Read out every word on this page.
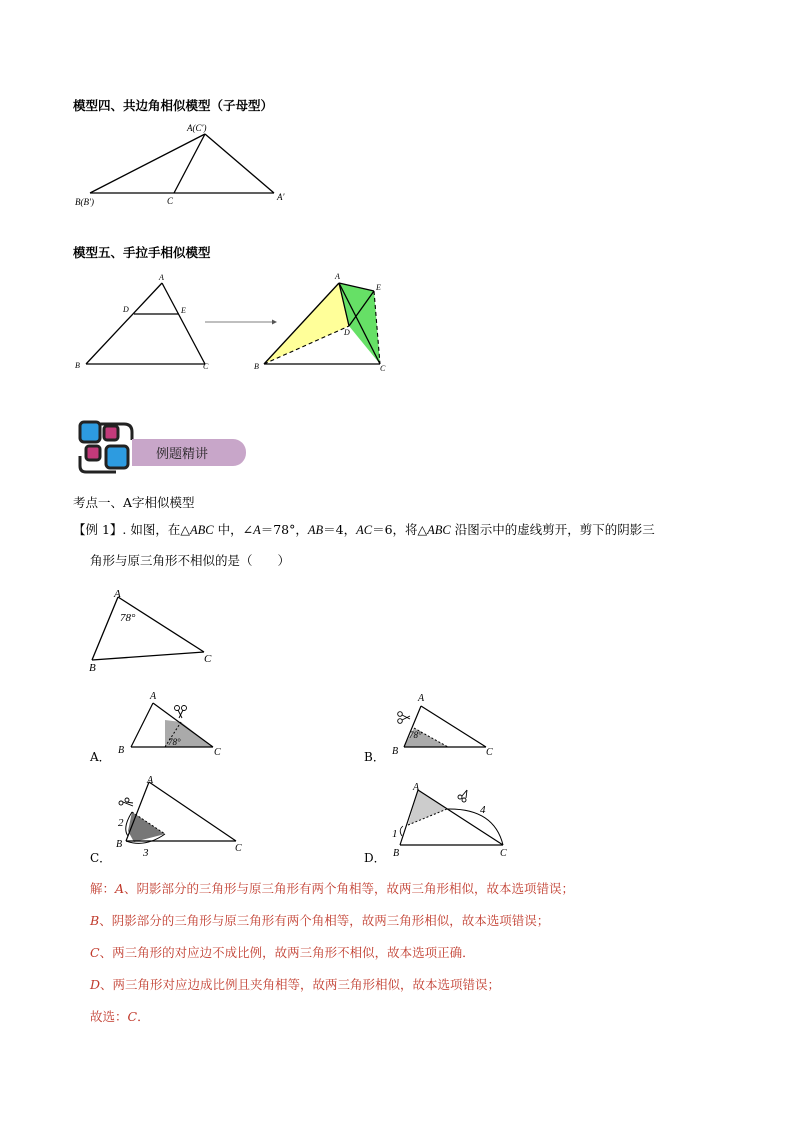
模型四、共边角相似模型（子母型）
A(C′)
B(B′)	C	A′
模型五、手拉手相似模型
A
D	E
B	C
A
E
D
B	C
例题精讲
考点一、A字相似模型
【例 1】. 如图，在△ABC 中，∠A＝78°，AB＝4，AC＝6，将△ABC 沿图示中的虚线剪开，剪下的阴影三
角形与原三角形不相似的是（　　）
A
B
C
78°
A
B	C
78°
A
B	C
78°
A
B	C
2
3
A
B	C
1
4
A．	B．
C．	D．
解：A、阴影部分的三角形与原三角形有两个角相等，故两三角形相似，故本选项错误；
B、阴影部分的三角形与原三角形有两个角相等，故两三角形相似，故本选项错误；
C、两三角形的对应边不成比例，故两三角形不相似，故本选项正确．
D、两三角形对应边成比例且夹角相等，故两三角形相似，故本选项错误；
故选：C．
